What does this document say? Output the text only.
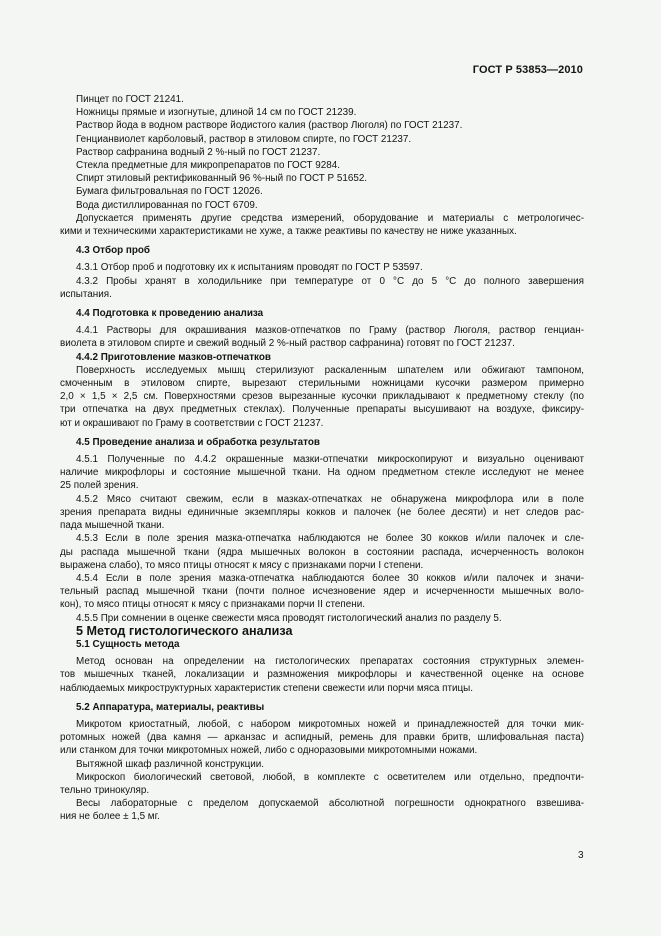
ГОСТ Р 53853—2010

Пинцет по ГОСТ 21241.

Ножницы прямые и изогнутые, длиной 14 см по ГОСТ 21239.

Раствор йода в водном растворе йодистого калия (раствор Люголя) по ГОСТ 21237.

Генцианвиолет карболовый, раствор в этиловом спирте, по ГОСТ 21237.

Раствор сафранина водный 2 %-ный по ГОСТ 21237.

Стекла предметные для микропрепаратов по ГОСТ 9284.

Спирт этиловый ректификованный 96 %-ный по ГОСТ Р 51652.

Бумага фильтровальная по ГОСТ 12026.

Вода дистиллированная по ГОСТ 6709.

Допускается применять другие средства измерений, оборудование и материалы с метрологичес-

кими и техническими характеристиками не хуже, а также реактивы по качеству не ниже указанных.

4.3 Отбор проб

4.3.1 Отбор проб и подготовку их к испытаниям проводят по ГОСТ Р 53597.

4.3.2 Пробы хранят в холодильнике при температуре от 0 °С до 5 °С до полного завершения

испытания.

4.4 Подготовка к проведению анализа

4.4.1 Растворы для окрашивания мазков-отпечатков по Граму (раствор Люголя, раствор генциан-

виолета в этиловом спирте и свежий водный 2 %-ный раствор сафранина) готовят по ГОСТ 21237.

4.4.2 Приготовление мазков-отпечатков

Поверхность исследуемых мышц стерилизуют раскаленным шпателем или обжигают тампоном,

смоченным в этиловом спирте, вырезают стерильными ножницами кусочки размером примерно

2,0 × 1,5 × 2,5 см. Поверхностями срезов вырезанные кусочки прикладывают к предметному стеклу (по

три отпечатка на двух предметных стеклах). Полученные препараты высушивают на воздухе, фиксиру-

ют и окрашивают по Граму в соответствии с ГОСТ 21237.

4.5 Проведение анализа и обработка результатов

4.5.1 Полученные по 4.4.2 окрашенные мазки-отпечатки микроскопируют и визуально оценивают

наличие микрофлоры и состояние мышечной ткани. На одном предметном стекле исследуют не менее

25 полей зрения.

4.5.2 Мясо считают свежим, если в мазках-отпечатках не обнаружена микрофлора или в поле

зрения препарата видны единичные экземпляры кокков и палочек (не более десяти) и нет следов рас-

пада мышечной ткани.

4.5.3 Если в поле зрения мазка-отпечатка наблюдаются не более 30 кокков и/или палочек и сле-

ды распада мышечной ткани (ядра мышечных волокон в состоянии распада, исчерченность волокон

выражена слабо), то мясо птицы относят к мясу с признаками порчи I степени.

4.5.4 Если в поле зрения мазка-отпечатка наблюдаются более 30 кокков и/или палочек и значи-

тельный распад мышечной ткани (почти полное исчезновение ядер и исчерченности мышечных воло-

кон), то мясо птицы относят к мясу с признаками порчи II степени.

4.5.5 При сомнении в оценке свежести мяса проводят гистологический анализ по разделу 5.

5 Метод гистологического анализа

5.1 Сущность метода

Метод основан на определении на гистологических препаратах состояния структурных элемен-

тов мышечных тканей, локализации и размножения микрофлоры и качественной оценке на основе

наблюдаемых микроструктурных характеристик степени свежести или порчи мяса птицы.

5.2 Аппаратура, материалы, реактивы

Микротом криостатный, любой, с набором микротомных ножей и принадлежностей для точки мик-

ротомных ножей (два камня — арканзас и аспидный, ремень для правки бритв, шлифовальная паста)

или станком для точки микротомных ножей, либо с одноразовыми микротомными ножами.

Вытяжной шкаф различной конструкции.

Микроскоп биологический световой, любой, в комплекте с осветителем или отдельно, предпочти-

тельно тринокуляр.

Весы лабораторные с пределом допускаемой абсолютной погрешности однократного взвешива-

ния не более ± 1,5 мг.

3
